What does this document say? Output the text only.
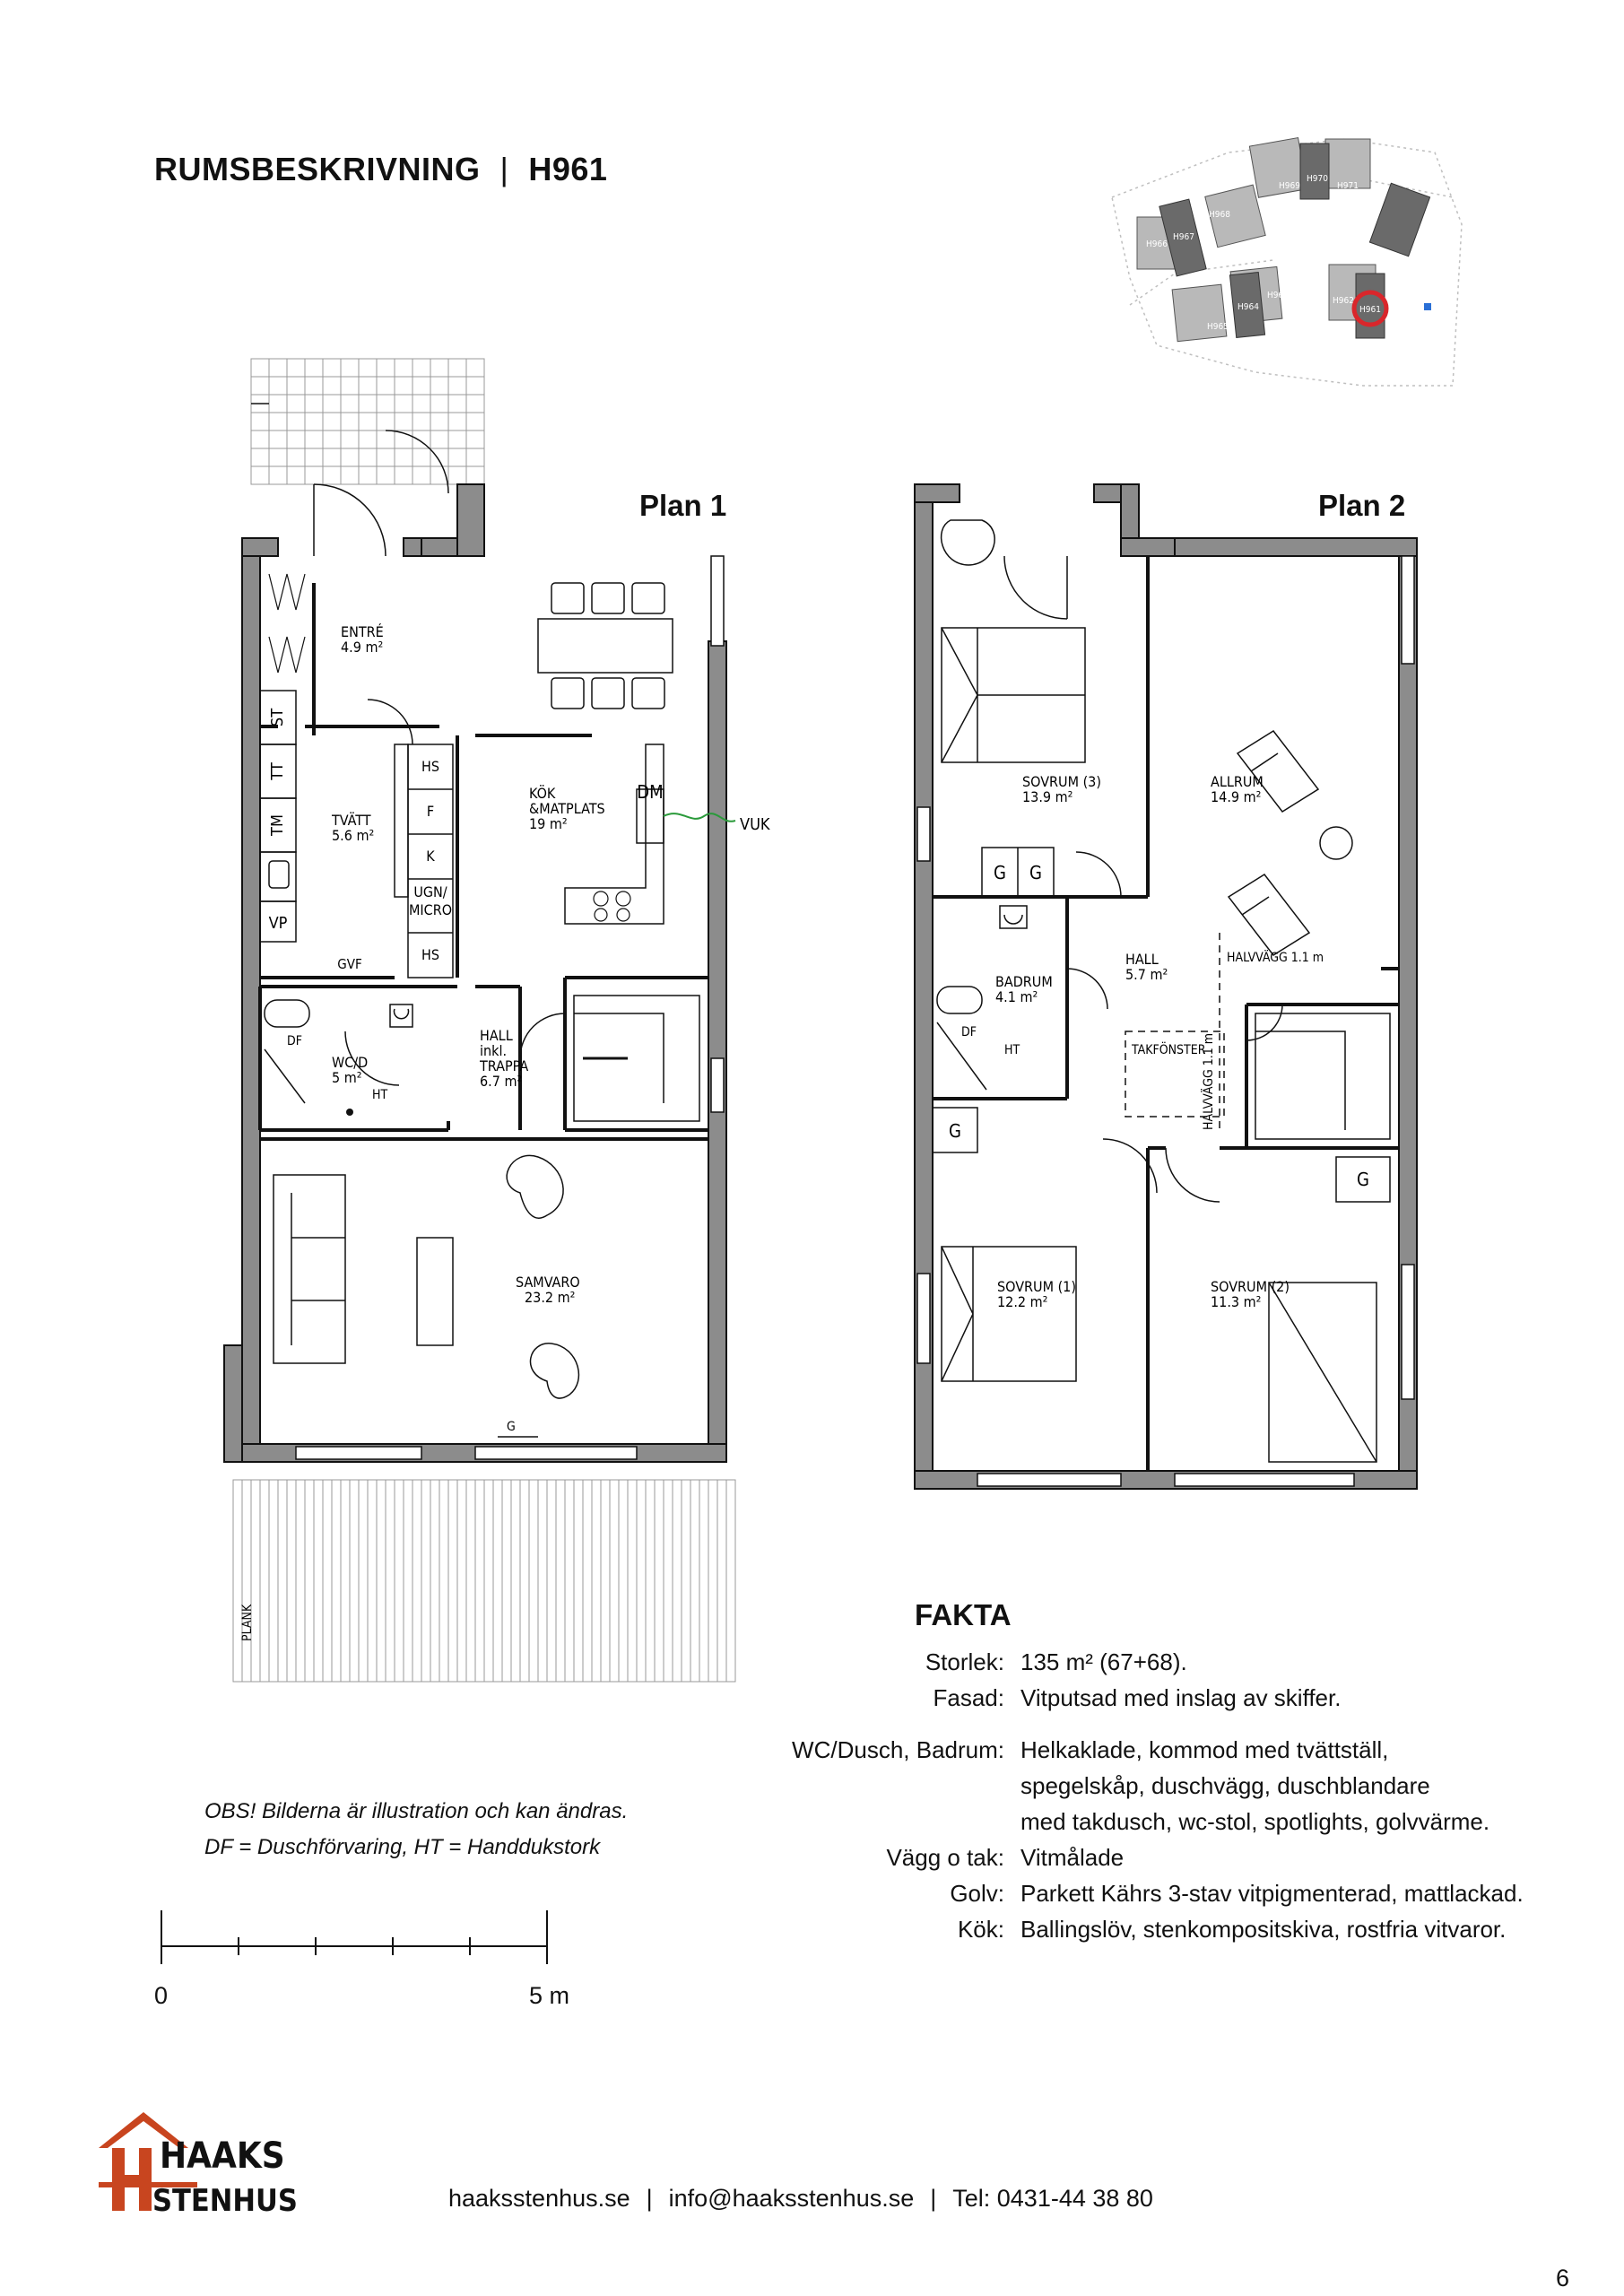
RUMSBESKRIVNING | H961	H969
H970
H971
H966
H967
H968
H963
H964
H965
H962
H961
Plan 1	Plan 2
PLANK
HS
F
K
UGN/
MICRO
HS
DM
ST
TT
TM
VP
GVF
DF
HT
G
VUK
ENTRÉ
4.9 m²
TVÄTT
5.6 m²
KÖK
&MATPLATS
19 m²
WC/D
5 m²
HALL
inkl.
TRAPPA
6.7 m²
SAMVARO
23.2 m²
G G
G
G
DF
HT	TAKFÖNSTER
HALVVÄGG 1.1 m
HALVVÄGG 1.1 m
SOVRUM (3)
13.9 m²
ALLRUM
14.9 m²
HALL
5.7 m²
BADRUM
4.1 m²
SOVRUM (1)
12.2 m²
SOVRUM (2)
11.3 m²
OBS! Bilderna är illustration och kan ändras.
DF = Duschförvaring, HT = Handdukstork
0	5 m
FAKTA
Storlek: 135 m² (67+68).
Fasad: Vitputsad med inslag av skiffer.
WC/Dusch, Badrum: Helkaklade, kommod med tvättställ,
spegelskåp, duschvägg, duschblandare
med takdusch, wc-stol, spotlights, golvvärme.
Vägg o tak: Vitmålade
Golv: Parkett Kährs 3-stav vitpigmenterad, mattlackad.
Kök: Ballingslöv, stenkompositskiva, rostfria vitvaror.
HAAKS
STENHUS	haaksstenhus.se | info@haaksstenhus.se | Tel: 0431-44 38 80
6
